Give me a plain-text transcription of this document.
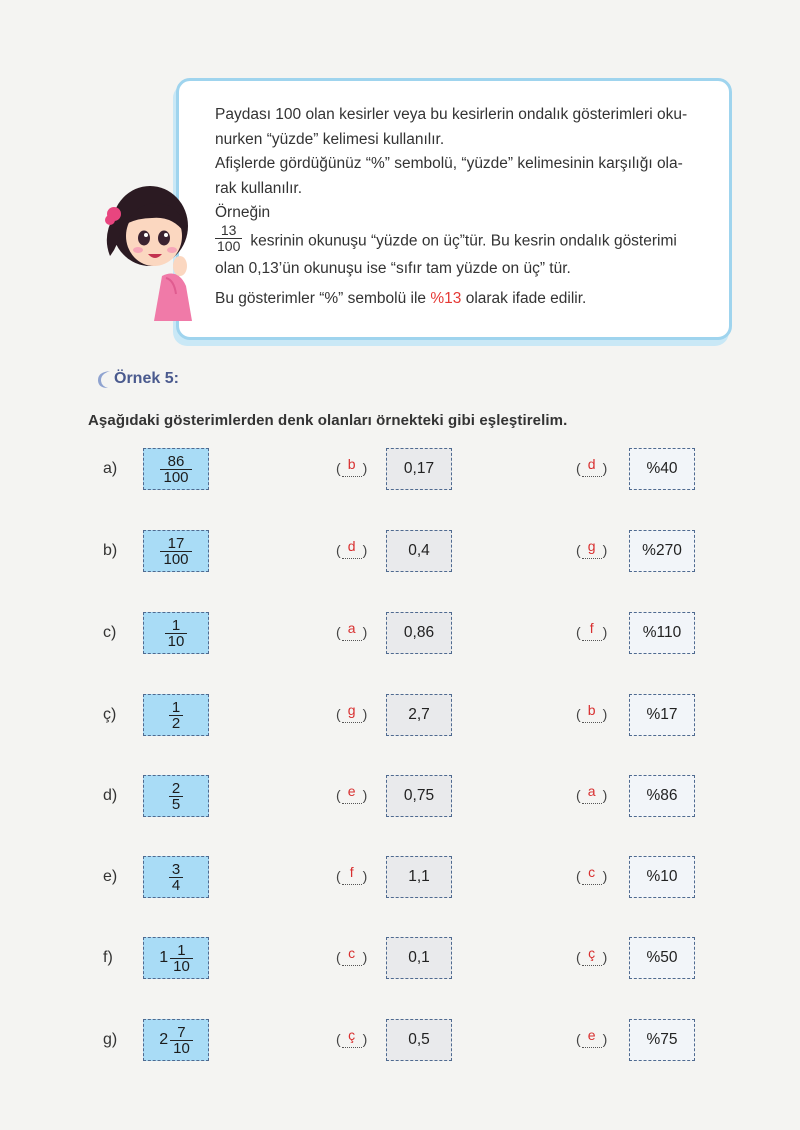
Paydası 100 olan kesirler veya bu kesirlerin ondalık gösterimleri oku-

nurken “yüzde” kelimesi kullanılır.

Afişlerde gördüğünüz “%” sembolü, “yüzde” kelimesinin karşılığı ola-

rak kullanılır.

Örneğin

$\frac{13}{100}$ kesrinin okunuşu “yüzde on üç”tür. Bu kesrin ondalık gösterimi

olan 0,13’ün okunuşu ise “sıfır tam yüzde on üç” tür.

Bu gösterimler “%” sembolü ile %13 olarak ifade edilir.

Örnek 5:
Aşağıdaki gösterimlerden denk olanları örnekteki gibi eşleştirelim.
a)	$\frac{86}{100}$	( b )	0,17	( d )	%40
b)	$\frac{17}{100}$	( d )	0,4	( g )	%270
c)	$\frac{1}{10}$	( a )	0,86	( f )	%110
ç)	$\frac{1}{2}$	( g )	2,7	( b )	%17
d)	$\frac{2}{5}$	( e )	0,75	( a )	%86
e)	$\frac{3}{4}$	( f )	1,1	( c )	%10
f)	$1 \frac{1}{10}$	( c )	0,1	( ç )	%50
g)	$2 \frac{7}{10}$	( ç )	0,5	( e )	%75
